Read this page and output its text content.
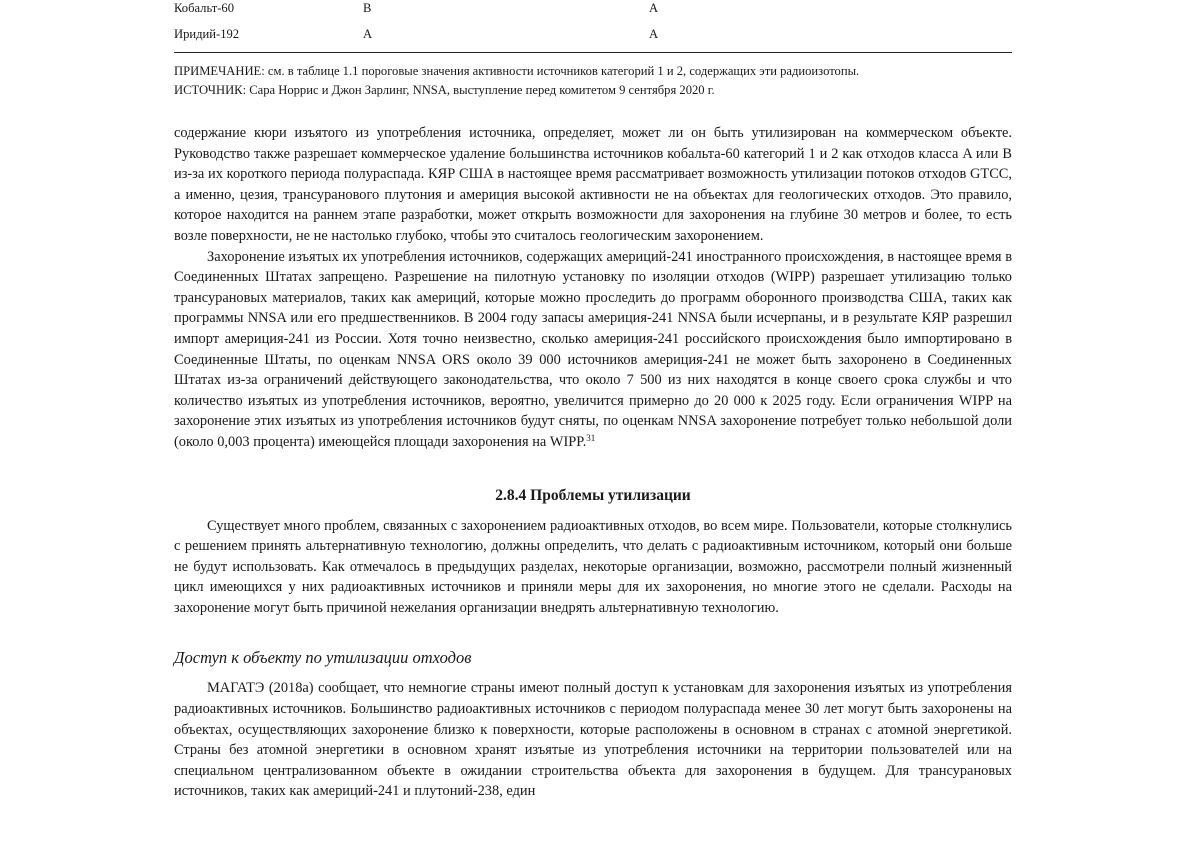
Кобальт-60	B	A
Иридий-192	A	A
ПРИМЕЧАНИЕ: см. в таблице 1.1 пороговые значения активности источников категорий 1 и 2, содержащих эти радиоизотопы.
ИСТОЧНИК: Сара Норрис и Джон Зарлинг, NNSA, выступление перед комитетом 9 сентября 2020 г.

содержание кюри изъятого из употребления источника, определяет, может ли он быть утилизирован на коммерческом объекте. Руководство также разрешает коммерческое удаление большинства источников кобальта-60 категорий 1 и 2 как отходов класса A или B из-за их короткого периода полураспада. КЯР США в настоящее время рассматривает возможность утилизации потоков отходов GTCC, а именно, цезия, трансуранового плутония и америция высокой активности не на объектах для геологических отходов. Это правило, которое находится на раннем этапе разработки, может открыть возможности для захоронения на глубине 30 метров и более, то есть возле поверхности, не не настолько глубоко, чтобы это считалось геологическим захоронением.

Захоронение изъятых их употребления источников, содержащих америций-241 иностранного происхождения, в настоящее время в Соединенных Штатах запрещено. Разрешение на пилотную установку по изоляции отходов (WIPP) разрешает утилизацию только трансурановых материалов, таких как америций, которые можно проследить до программ оборонного производства США, таких как программы NNSA или его предшественников. В 2004 году запасы америция-241 NNSA были исчерпаны, и в результате КЯР разрешил импорт америция-241 из России. Хотя точно неизвестно, сколько америция-241 российского происхождения было импортировано в Соединенные Штаты, по оценкам NNSA ORS около 39 000 источников америция-241 не может быть захоронено в Соединенных Штатах из-за ограничений действующего законодательства, что около 7 500 из них находятся в конце своего срока службы и что количество изъятых из употребления источников, вероятно, увеличится примерно до 20 000 к 2025 году. Если ограничения WIPP на захоронение этих изъятых из употребления источников будут сняты, по оценкам NNSA захоронение потребует только небольшой доли (около 0,003 процента) имеющейся площади захоронения на WIPP.$^{31}$

2.8.4 Проблемы утилизации

Существует много проблем, связанных с захоронением радиоактивных отходов, во всем мире. Пользователи, которые столкнулись с решением принять альтернативную технологию, должны определить, что делать с радиоактивным источником, который они больше не будут использовать. Как отмечалось в предыдущих разделах, некоторые организации, возможно, рассмотрели полный жизненный цикл имеющихся у них радиоактивных источников и приняли меры для их захоронения, но многие этого не сделали. Расходы на захоронение могут быть причиной нежелания организации внедрять альтернативную технологию.

Доступ к объекту по утилизации отходов

МАГАТЭ (2018а) сообщает, что немногие страны имеют полный доступ к установкам для захоронения изъятых из употребления радиоактивных источников. Большинство радиоактивных источников с периодом полураспада менее 30 лет могут быть захоронены на объектах, осуществляющих захоронение близко к поверхности, которые расположены в основном в странах с атомной энергетикой. Страны без атомной энергетики в основном хранят изъятые из употребления источники на территории пользователей или на специальном централизованном объекте в ожидании строительства объекта для захоронения в будущем. Для трансурановых источников, таких как америций-241 и плутоний-238, един
